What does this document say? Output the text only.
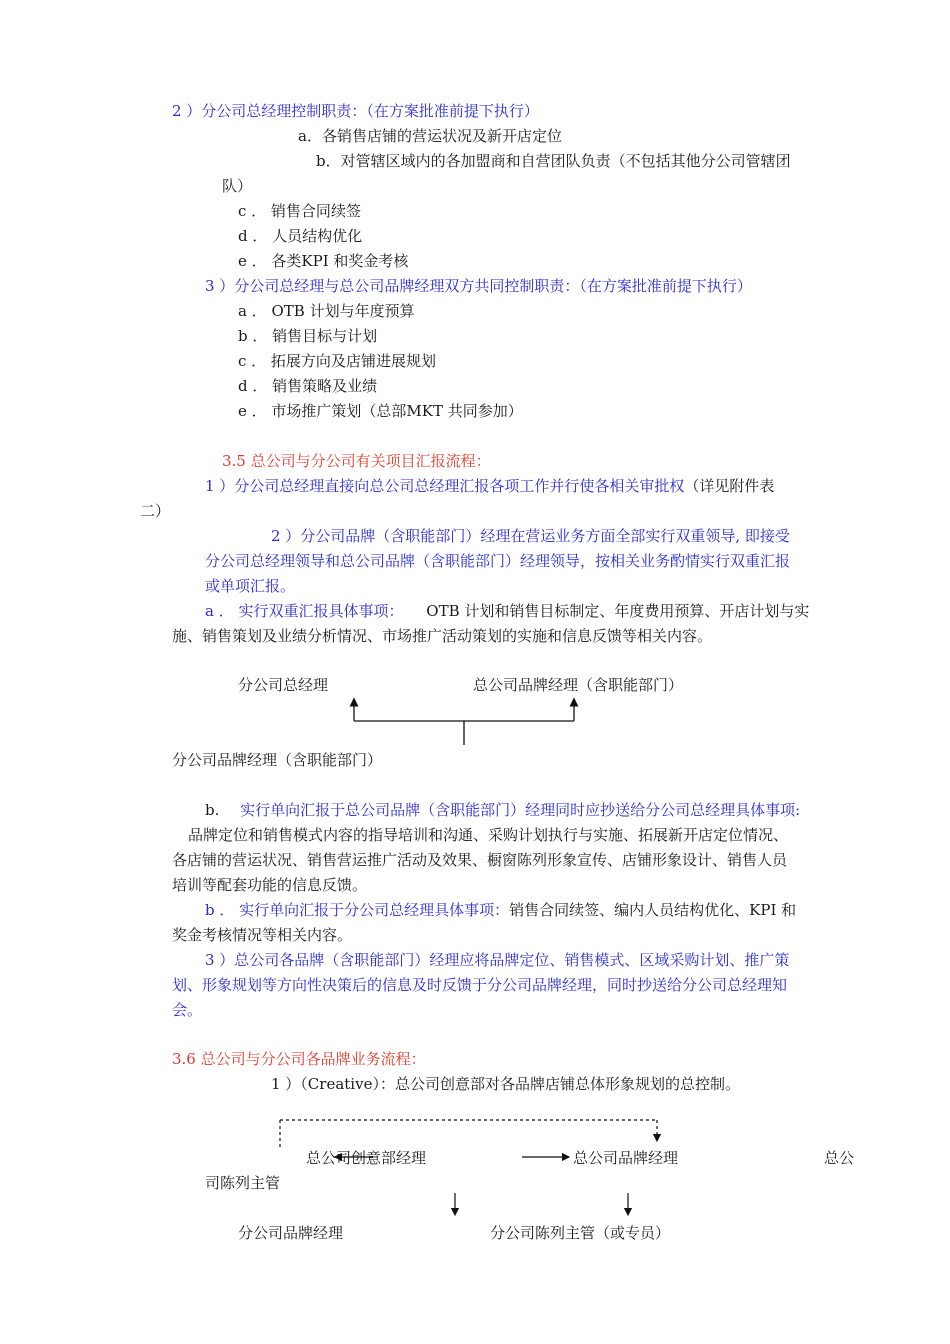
2 ）分公司总经理控制职责：（在方案批准前提下执行）
a．各销售店铺的营运状况及新开店定位
b．对管辖区域内的各加盟商和自营团队负责（不包括其他分公司管辖团
队）
c ． 销售合同续签
d ． 人员结构优化
e ． 各类KPI 和奖金考核
3 ）分公司总经理与总公司品牌经理双方共同控制职责：（在方案批准前提下执行）
a ． OTB 计划与年度预算
b ． 销售目标与计划
c ． 拓展方向及店铺进展规划
d ． 销售策略及业绩
e ． 市场推广策划（总部MKT 共同参加）
3.5 总公司与分公司有关项目汇报流程：
1 ）分公司总经理直接向总公司总经理汇报各项工作并行使各相关审批权（详见附件表
二）
2 ）分公司品牌（含职能部门）经理在营运业务方面全部实行双重领导, 即接受
分公司总经理领导和总公司品牌（含职能部门）经理领导，按相关业务酌情实行双重汇报
或单项汇报。
a ． 实行双重汇报具体事项： OTB 计划和销售目标制定、年度费用预算、开店计划与实
施、销售策划及业绩分析情况、市场推广活动策划的实施和信息反馈等相关内容。
分公司总经理	总公司品牌经理（含职能部门）
分公司品牌经理（含职能部门）
b. 实行单向汇报于总公司品牌（含职能部门）经理同时应抄送给分公司总经理具体事项:
品牌定位和销售模式内容的指导培训和沟通、采购计划执行与实施、拓展新开店定位情况、
各店铺的营运状况、销售营运推广活动及效果、橱窗陈列形象宣传、店铺形象设计、销售人员
培训等配套功能的信息反馈。
b ． 实行单向汇报于分公司总经理具体事项：销售合同续签、编内人员结构优化、KPI 和
奖金考核情况等相关内容。
3 ）总公司各品牌（含职能部门）经理应将品牌定位、销售模式、区域采购计划、推广策
划、形象规划等方向性决策后的信息及时反馈于分公司品牌经理，同时抄送给分公司总经理知
会。
3.6 总公司与分公司各品牌业务流程：
1 ）（Creative）：总公司创意部对各品牌店铺总体形象规划的总控制。
总公司创意部经理	总公司品牌经理	总公
司陈列主管
分公司品牌经理	分公司陈列主管（或专员）
